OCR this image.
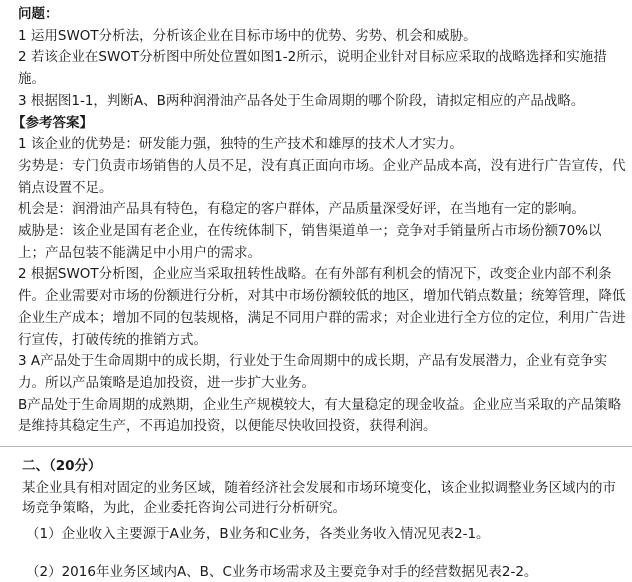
问题：

1 运用SWOT分析法，分析该企业在目标市场中的优势、劣势、机会和威胁。

2 若该企业在SWOT分析图中所处位置如图1-2所示，说明企业针对目标应采取的战略选择和实施措施。

3 根据图1-1，判断A、B两种润滑油产品各处于生命周期的哪个阶段，请拟定相应的产品战略。

【参考答案】

1 该企业的优势是：研发能力强，独特的生产技术和雄厚的技术人才实力。

劣势是：专门负责市场销售的人员不足，没有真正面向市场。企业产品成本高，没有进行广告宣传，代销点设置不足。

机会是：润滑油产品具有特色，有稳定的客户群体，产品质量深受好评，在当地有一定的影响。

威胁是：该企业是国有老企业，在传统体制下，销售渠道单一；竞争对手销量所占市场份额70%以上；产品包装不能满足中小用户的需求。

2 根据SWOT分析图，企业应当采取扭转性战略。在有外部有利机会的情况下，改变企业内部不利条件。企业需要对市场的份额进行分析，对其中市场份额较低的地区，增加代销点数量；统筹管理，降低企业生产成本；增加不同的包装规格，满足不同用户群的需求；对企业进行全方位的定位，利用广告进行宣传，打破传统的推销方式。

3 A产品处于生命周期中的成长期，行业处于生命周期中的成长期，产品有发展潜力，企业有竞争实力。所以产品策略是追加投资，进一步扩大业务。

B产品处于生命周期的成熟期，企业生产规模较大，有大量稳定的现金收益。企业应当采取的产品策略是维持其稳定生产，不再追加投资，以便能尽快收回投资，获得利润。

二、（20分）

某企业具有相对固定的业务区域，随着经济社会发展和市场环境变化，该企业拟调整业务区域内的市场竞争策略，为此，企业委托咨询公司进行分析研究。

（1）企业收入主要源于A业务，B业务和C业务，各类业务收入情况见表2-1。

（2）2016年业务区域内A、B、C业务市场需求及主要竞争对手的经营数据见表2-2。
